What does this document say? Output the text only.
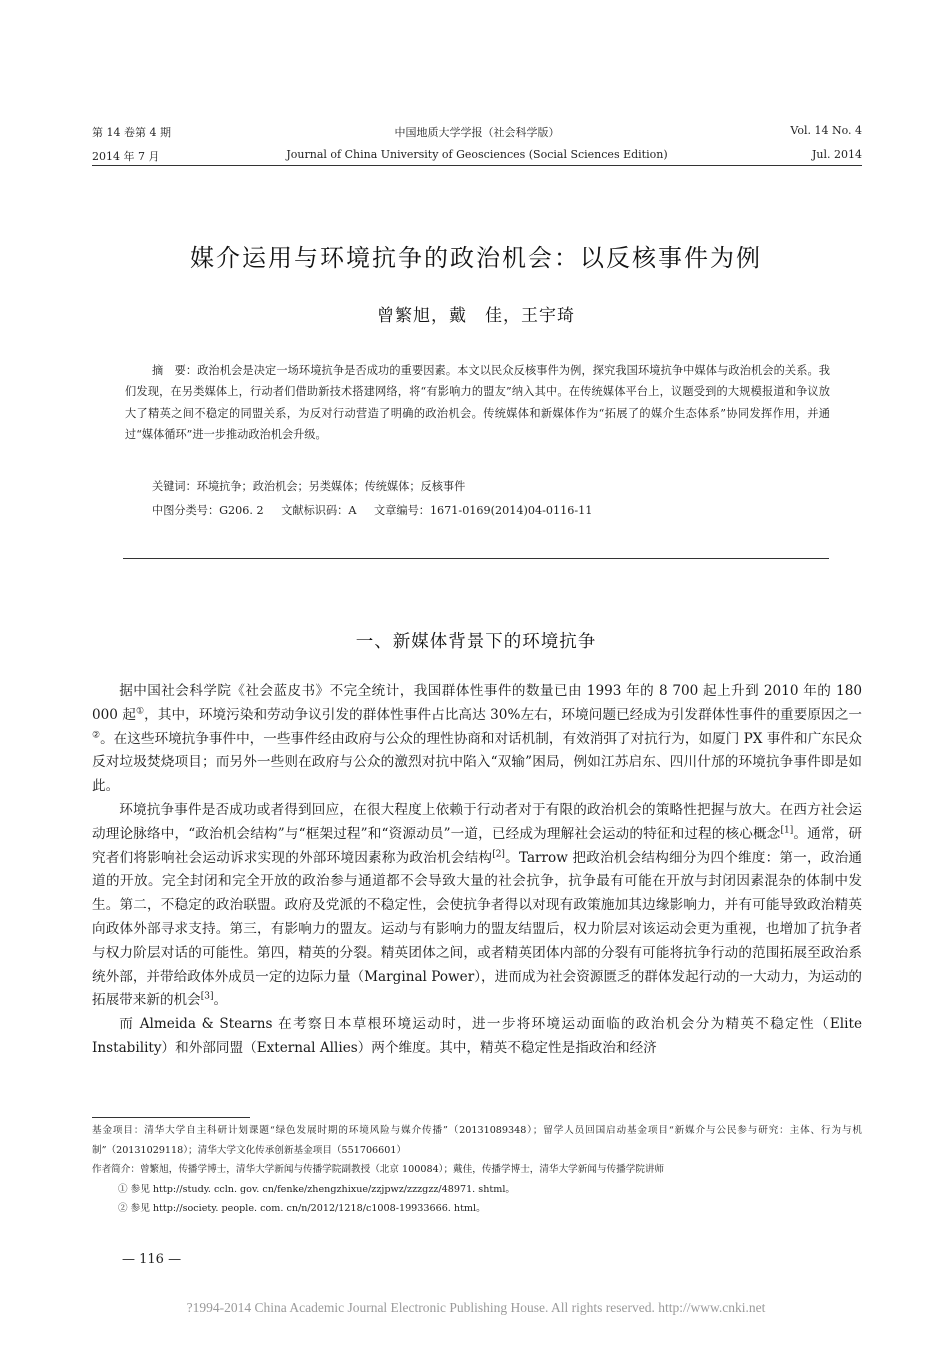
第 14 卷第 4 期	中国地质大学学报（社会科学版）	Vol. 14 No. 4
2014 年 7 月	Journal of China University of Geosciences (Social Sciences Edition)	Jul. 2014
媒介运用与环境抗争的政治机会：以反核事件为例
曾繁旭，戴　佳，王宇琦
摘　要：政治机会是决定一场环境抗争是否成功的重要因素。本文以民众反核事件为例，探究我国环境抗争中媒体与政治机会的关系。我们发现，在另类媒体上，行动者们借助新技术搭建网络，将“有影响力的盟友”纳入其中。在传统媒体平台上，议题受到的大规模报道和争议放大了精英之间不稳定的同盟关系，为反对行动营造了明确的政治机会。传统媒体和新媒体作为“拓展了的媒介生态体系”协同发挥作用，并通过“媒体循环”进一步推动政治机会升级。
关键词：环境抗争；政治机会；另类媒体；传统媒体；反核事件
中图分类号：G206. 2 文献标识码：A 文章编号：1671-0169(2014)04-0116-11
一、新媒体背景下的环境抗争

据中国社会科学院《社会蓝皮书》不完全统计，我国群体性事件的数量已由 1993 年的 8 700 起上升到 2010 年的 180 000 起①，其中，环境污染和劳动争议引发的群体性事件占比高达 30%左右，环境问题已经成为引发群体性事件的重要原因之一②。在这些环境抗争事件中，一些事件经由政府与公众的理性协商和对话机制，有效消弭了对抗行为，如厦门 PX 事件和广东民众反对垃圾焚烧项目；而另外一些则在政府与公众的激烈对抗中陷入“双输”困局，例如江苏启东、四川什邡的环境抗争事件即是如此。

环境抗争事件是否成功或者得到回应，在很大程度上依赖于行动者对于有限的政治机会的策略性把握与放大。在西方社会运动理论脉络中，“政治机会结构”与“框架过程”和“资源动员”一道，已经成为理解社会运动的特征和过程的核心概念[1]。通常，研究者们将影响社会运动诉求实现的外部环境因素称为政治机会结构[2]。Tarrow 把政治机会结构细分为四个维度：第一，政治通道的开放。完全封闭和完全开放的政治参与通道都不会导致大量的社会抗争，抗争最有可能在开放与封闭因素混杂的体制中发生。第二，不稳定的政治联盟。政府及党派的不稳定性，会使抗争者得以对现有政策施加其边缘影响力，并有可能导致政治精英向政体外部寻求支持。第三，有影响力的盟友。运动与有影响力的盟友结盟后，权力阶层对该运动会更为重视，也增加了抗争者与权力阶层对话的可能性。第四，精英的分裂。精英团体之间，或者精英团体内部的分裂有可能将抗争行动的范围拓展至政治系统外部，并带给政体外成员一定的边际力量（Marginal Power），进而成为社会资源匮乏的群体发起行动的一大动力，为运动的拓展带来新的机会[3]。

而 Almeida & Stearns 在考察日本草根环境运动时，进一步将环境运动面临的政治机会分为精英不稳定性（Elite Instability）和外部同盟（External Allies）两个维度。其中，精英不稳定性是指政治和经济

基金项目：清华大学自主科研计划课题“绿色发展时期的环境风险与媒介传播”（20131089348）；留学人员回国启动基金项目“新媒介与公民参与研究：主体、行为与机制”（20131029118）；清华大学文化传承创新基金项目（551706601）

作者简介：曾繁旭，传播学博士，清华大学新闻与传播学院副教授（北京 100084）；戴佳，传播学博士，清华大学新闻与传播学院讲师

① 参见 http://study. ccln. gov. cn/fenke/zhengzhixue/zzjpwz/zzzgzz/48971. shtml。

② 参见 http://society. people. com. cn/n/2012/1218/c1008-19933666. html。

— 116 —
?1994-2014 China Academic Journal Electronic Publishing House. All rights reserved. http://www.cnki.net
